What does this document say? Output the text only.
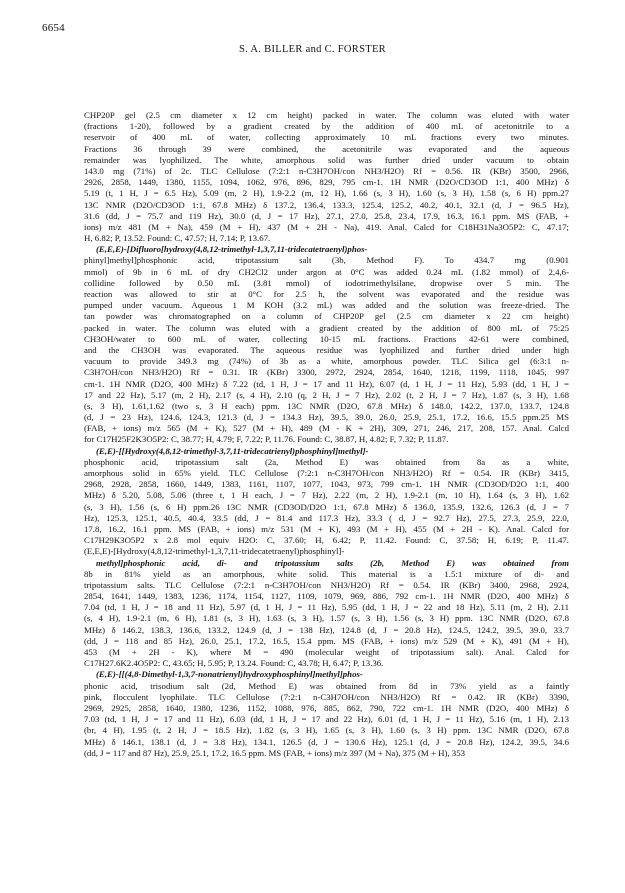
6654
S. A. BILLER and C. FORSTER
CHP20P gel (2.5 cm diameter x 12 cm height) packed in water. The column was eluted with water
(fractions 1-20), followed by a gradient created by the addition of 400 mL of acetonitrile to a
reservoir of 400 mL of water, collecting approximately 10 mL fractions every two minutes.
Fractions 36 through 39 were combined, the acetonitrile was evaporated and the aqueous
remainder was lyophilized. The white, amorphous solid was further dried under vacuum to obtain
143.0 mg (71%) of 2c. TLC Cellulose (7:2:1 n-C3H7OH/con NH3/H2O) Rf = 0.56. IR (KBr) 3500, 2966,
2926, 2858, 1449, 1380, 1155, 1094, 1062, 976, 896, 829, 795 cm-1. 1H NMR (D2O/CD3OD 1:1, 400 MHz) δ
5.19 (t, 1 H, J = 6.5 Hz), 5.09 (m, 2 H), 1.9-2.2 (m, 12 H), 1.66 (s, 3 H), 1.60 (s, 3 H), 1.58 (s, 6 H) ppm.27
13C NMR (D2O/CD3OD 1:1, 67.8 MHz) δ 137.2, 136.4, 133.3, 125.4, 125.2, 40.2, 40.1, 32.1 (d, J = 96.5 Hz),
31.6 (dd, J = 75.7 and 119 Hz), 30.0 (d, J = 17 Hz), 27.1, 27.0, 25.8, 23.4, 17.9, 16.3, 16.1 ppm. MS (FAB, +
ions) m/z 481 (M + Na), 459 (M + H), 437 (M + 2H - Na), 419. Anal. Calcd for C18H31Na3O5P2: C, 47.17;
H, 6.82; P, 13.52. Found: C, 47.57; H, 7.14; P, 13.67.
(E,E,E)-[Difluoro[hydroxy(4,8,12-trimethyl-1,3,7,11-tridecatetraenyl)phos-
phinyl]methyl]phosphonic acid, tripotassium salt (3b, Method F). To 434.7 mg (0.901
mmol) of 9b in 6 mL of dry CH2Cl2 under argon at 0°C was added 0.24 mL (1.82 mmol) of 2,4,6-
collidine followed by 0.50 mL (3.81 mmol) of iodotrimethylsilane, dropwise over 5 min. The
reaction was allowed to stir at 0°C for 2.5 h, the solvent was evaporated and the residue was
pumped under vacuum. Aqueous 1 M KOH (3.2 mL) was added and the solution was freeze-dried. The
tan powder was chromatographed on a column of CHP20P gel (2.5 cm diameter x 22 cm height)
packed in water. The column was eluted with a gradient created by the addition of 800 mL of 75:25
CH3OH/water to 600 mL of water, collecting 10-15 mL fractions. Fractions 42-61 were combined,
and the CH3OH was evaporated. The aqueous residue was lyophilized and further dried under high
vacuum to provide 349.3 mg (74%) of 3b as a white, amorphous powder. TLC Silica gel (6:3:1 n-
C3H7OH/con NH3/H2O) Rf = 0.31. IR (KBr) 3300, 2972, 2924, 2854, 1640, 1218, 1199, 1118, 1045, 997
cm-1. 1H NMR (D2O, 400 MHz) δ 7.22 (td, 1 H, J = 17 and 11 Hz), 6.07 (d, 1 H, J = 11 Hz), 5.93 (dd, 1 H, J =
17 and 22 Hz), 5.17 (m, 2 H), 2.17 (s, 4 H), 2.10 (q, 2 H, J = 7 Hz), 2.02 (t, 2 H, J = 7 Hz), 1.87 (s, 3 H), 1.68
(s, 3 H), 1.61,1.62 (two s, 3 H each) ppm. 13C NMR (D2O, 67.8 MHz) δ 148.0, 142.2, 137.0, 133.7, 124.8
(d, J = 23 Hz), 124.6, 124.3, 121.3 (d, J = 134.3 Hz), 39.5, 39.0, 26.0, 25.9, 25.1, 17.2, 16.6, 15.5 ppm.25 MS
(FAB, + ions) m/z 565 (M + K), 527 (M + H), 489 (M - K + 2H), 309, 271, 246, 217, 208, 157. Anal. Calcd
for C17H25F2K3O5P2: C, 38.77; H, 4.79; F, 7.22; P, 11.76. Found: C, 38.87, H, 4.82; F, 7.32; P, 11.87.
(E,E)-[[Hydroxy(4,8,12-trimethyl-3,7,11-tridecatrienyl)phosphinyl]methyl]-
phosphonic acid, tripotassium salt (2a, Method E) was obtained from 8a as a white,
amorphous solid in 65% yield. TLC Cellulose (7:2:1 n-C3H7OH/con NH3/H2O) Rf = 0.54. IR (KBr) 3415,
2968, 2928, 2858, 1660, 1449, 1383, 1161, 1107, 1077, 1043, 973, 799 cm-1. 1H NMR (CD3OD/D2O 1:1, 400
MHz) δ 5.20, 5.08, 5.06 (three t, 1 H each, J = 7 Hz), 2.22 (m, 2 H), 1.9-2.1 (m, 10 H), 1.64 (s, 3 H), 1.62
(s, 3 H), 1.56 (s, 6 H) ppm.26 13C NMR (CD3OD/D2O 1:1, 67.8 MHz) δ 136.0, 135.9, 132.6, 126.3 (d, J = 7
Hz), 125.3, 125.1, 40.5, 40.4, 33.5 (dd, J = 81.4 and 117.3 Hz), 33.3 ( d, J = 92.7 Hz), 27.5, 27.3, 25.9, 22.0,
17.8, 16.2, 16.1 ppm. MS (FAB, + ions) m/z 531 (M + K), 493 (M + H), 455 (M + 2H - K). Anal. Calcd for
C17H29K3O5P2 x 2.8 mol equiv H2O: C, 37.60; H, 6.42; P, 11.42. Found: C, 37.58; H, 6.19; P, 11.47.
(E,E,E)-[Hydroxy(4,8,12-trimethyl-1,3,7,11-tridecatetraenyl)phosphinyl]-
methyl]phosphonic acid, di- and tripotassium salts (2b, Method E) was obtained from
8b in 81% yield as an amorphous, white solid. This material is a 1.5:1 mixture of di- and
tripotassium salts. TLC Cellulose (7:2:1 n-C3H7OH/con NH3/H2O) Rf = 0.54. IR (KBr) 3400, 2968, 2924,
2854, 1641, 1449, 1383, 1236, 1174, 1154, 1127, 1109, 1079, 969, 886, 792 cm-1. 1H NMR (D2O, 400 MHz) δ
7.04 (td, 1 H, J = 18 and 11 Hz), 5.97 (d, 1 H, J = 11 Hz), 5.95 (dd, 1 H, J = 22 and 18 Hz), 5.11 (m, 2 H), 2.11
(s, 4 H), 1.9-2.1 (m, 6 H), 1.81 (s, 3 H), 1.63 (s, 3 H), 1.57 (s, 3 H), 1.56 (s, 3 H) ppm. 13C NMR (D2O, 67.8
MHz) δ 146.2, 138.3, 136.6, 133.2, 124.9 (d, J = 138 Hz), 124.8 (d, J = 20.8 Hz), 124.5, 124.2, 39.5, 39.0, 33.7
(dd, J = 118 and 85 Hz), 26.0, 25.1, 17.2, 16.5, 15.4 ppm. MS (FAB, + ions) m/z 529 (M + K), 491 (M + H),
453 (M + 2H - K), where M = 490 (molecular weight of tripotassium salt). Anal. Calcd for
C17H27.6K2.4O5P2: C, 43.65; H, 5.95; P, 13.24. Found: C, 43.78; H, 6.47; P, 13.36.
(E,E)-[[(4,8-Dimethyl-1,3,7-nonatrienyl)hydroxyphosphinyl]methyl]phos-
phonic acid, trisodium salt (2d, Method E) was obtained from 8d in 73% yield as a faintly
pink, flocculent lyophilate. TLC Cellulose (7:2:1 n-C3H7OH/con NH3/H2O) Rf = 0.42. IR (KBr) 3390,
2969, 2925, 2858, 1640, 1380, 1236, 1152, 1088, 976, 885, 862, 790, 722 cm-1. 1H NMR (D2O, 400 MHz) δ
7.03 (td, 1 H, J = 17 and 11 Hz), 6.03 (dd, 1 H, J = 17 and 22 Hz), 6.01 (d, 1 H, J = 11 Hz), 5.16 (m, 1 H), 2.13
(br, 4 H), 1.95 (t, 2 H, J = 18.5 Hz), 1.82 (s, 3 H), 1.65 (s, 3 H), 1.60 (s, 3 H) ppm. 13C NMR (D2O, 67.8
MHz) δ 146.1, 138.1 (d, J = 3.8 Hz), 134.1, 126.5 (d, J = 130.6 Hz), 125.1 (d, J = 20.8 Hz), 124.2, 39.5, 34.6
(dd, J = 117 and 87 Hz), 25.9, 25.1, 17.2, 16.5 ppm. MS (FAB, + ions) m/z 397 (M + Na), 375 (M + H), 353
